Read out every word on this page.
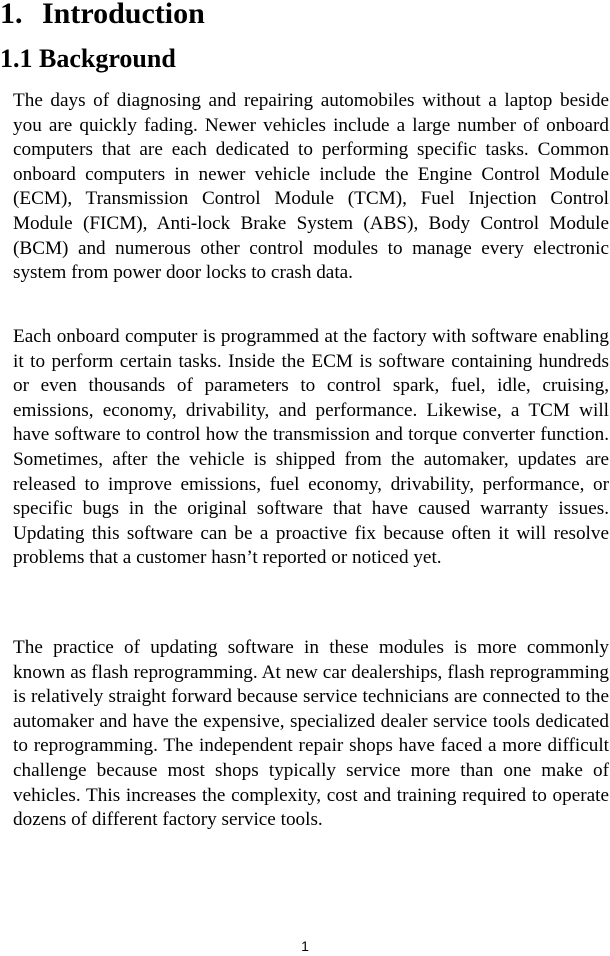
1. Introduction
1.1 Background

The days of diagnosing and repairing automobiles without a laptop beside you are quickly fading. Newer vehicles include a large number of onboard computers that are each dedicated to performing specific tasks. Common onboard computers in newer vehicle include the Engine Control Module (ECM), Transmission Control Module (TCM), Fuel Injection Control Module (FICM), Anti-lock Brake System (ABS), Body Control Module (BCM) and numerous other control modules to manage every electronic system from power door locks to crash data.

Each onboard computer is programmed at the factory with software enabling it to perform certain tasks. Inside the ECM is software containing hundreds or even thousands of parameters to control spark, fuel, idle, cruising, emissions, economy, drivability, and performance. Likewise, a TCM will have software to control how the transmission and torque converter function. Sometimes, after the vehicle is shipped from the automaker, updates are released to improve emissions, fuel economy, drivability, performance, or specific bugs in the original software that have caused warranty issues. Updating this software can be a proactive fix because often it will resolve problems that a customer hasn’t reported or noticed yet.

The practice of updating software in these modules is more commonly known as flash reprogramming. At new car dealerships, flash reprogramming is relatively straight forward because service technicians are connected to the automaker and have the expensive, specialized dealer service tools dedicated to reprogramming. The independent repair shops have faced a more difficult challenge because most shops typically service more than one make of vehicles. This increases the complexity, cost and training required to operate dozens of different factory service tools.

1
